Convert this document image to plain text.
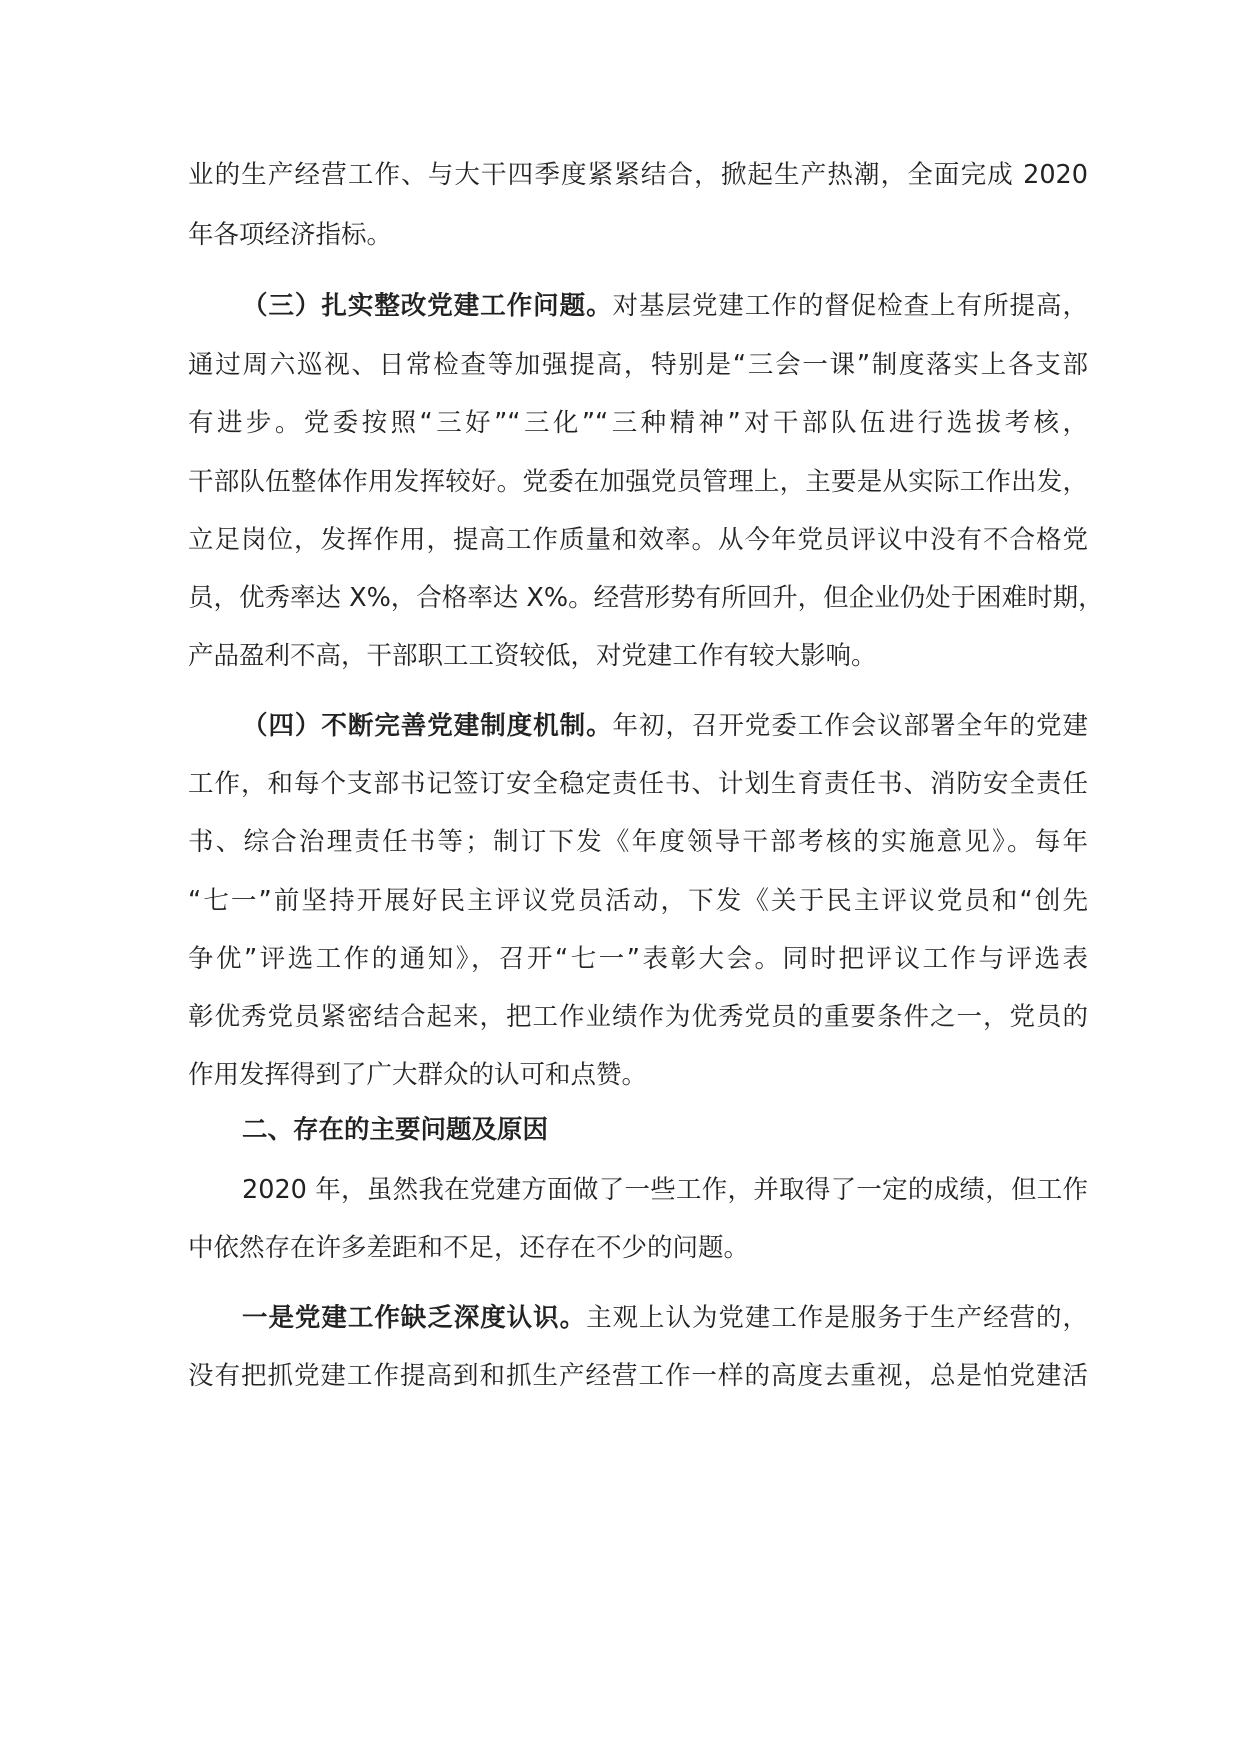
业的生产经营工作、与大干四季度紧紧结合，掀起生产热潮，全面完成 2020
年各项经济指标。
（三）扎实整改党建工作问题。对基层党建工作的督促检查上有所提高，
通过周六巡视、日常检查等加强提高，特别是“三会一课”制度落实上各支部
有进步。党委按照“三好”“三化”“三种精神”对干部队伍进行选拔考核，
干部队伍整体作用发挥较好。党委在加强党员管理上，主要是从实际工作出发，
立足岗位，发挥作用，提高工作质量和效率。从今年党员评议中没有不合格党
员，优秀率达 X%，合格率达 X%。经营形势有所回升，但企业仍处于困难时期，
产品盈利不高，干部职工工资较低，对党建工作有较大影响。
（四）不断完善党建制度机制。年初，召开党委工作会议部署全年的党建
工作，和每个支部书记签订安全稳定责任书、计划生育责任书、消防安全责任
书、综合治理责任书等；制订下发《年度领导干部考核的实施意见》。每年
“七一”前坚持开展好民主评议党员活动，下发《关于民主评议党员和“创先
争优”评选工作的通知》，召开“七一”表彰大会。同时把评议工作与评选表
彰优秀党员紧密结合起来，把工作业绩作为优秀党员的重要条件之一，党员的
作用发挥得到了广大群众的认可和点赞。
二、存在的主要问题及原因
2020 年，虽然我在党建方面做了一些工作，并取得了一定的成绩，但工作
中依然存在许多差距和不足，还存在不少的问题。
一是党建工作缺乏深度认识。主观上认为党建工作是服务于生产经营的，
没有把抓党建工作提高到和抓生产经营工作一样的高度去重视，总是怕党建活
